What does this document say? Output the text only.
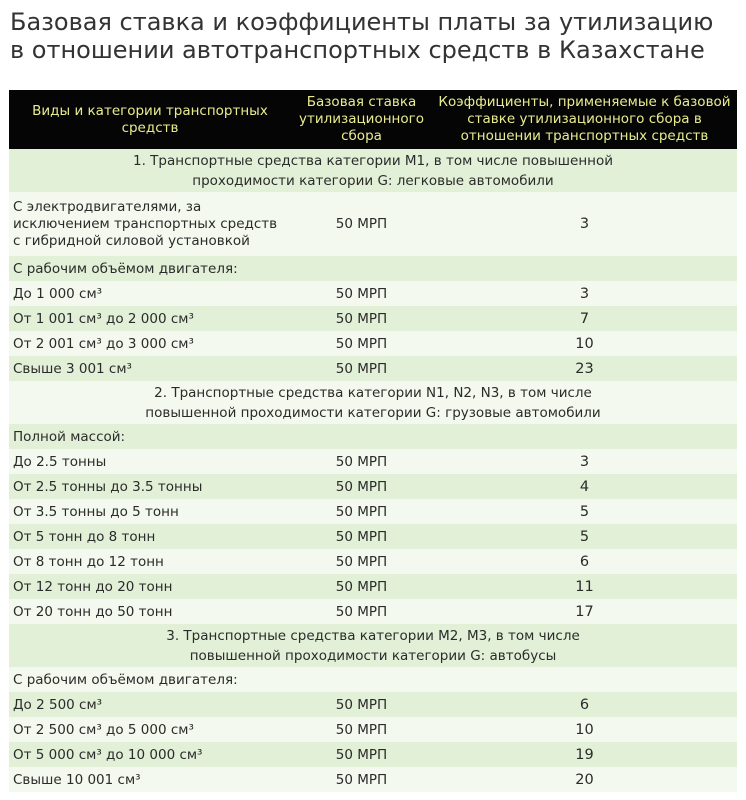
Базовая ставка и коэффициенты платы за утилизацию
в отношении автотранспортных средств в Казахстане
Виды и категории транспортных средств	Базовая ставка утилизационного сбора	Коэффициенты, применяемые к базовой ставке утилизационного сбора в отношении транспортных средств
1. Транспортные средства категории М1, в том числе повышенной
проходимости категории G: легковые автомобили		
С электродвигателями, за исключением транспортных средств с гибридной силовой установкой	50 МРП	3
С рабочим объёмом двигателя:		
До 1 000 см³	50 МРП	3
От 1 001 см³ до 2 000 см³	50 МРП	7
От 2 001 см³ до 3 000 см³	50 МРП	10
Свыше 3 001 см³	50 МРП	23
2. Транспортные средства категории N1, N2, N3, в том числе
повышенной проходимости категории G: грузовые автомобили		
Полной массой:		
До 2.5 тонны	50 МРП	3
От 2.5 тонны до 3.5 тонны	50 МРП	4
От 3.5 тонны до 5 тонн	50 МРП	5
От 5 тонн до 8 тонн	50 МРП	5
От 8 тонн до 12 тонн	50 МРП	6
От 12 тонн до 20 тонн	50 МРП	11
От 20 тонн до 50 тонн	50 МРП	17
3. Транспортные средства категории М2, М3, в том числе
повышенной проходимости категории G: автобусы		
С рабочим объёмом двигателя:		
До 2 500 см³	50 МРП	6
От 2 500 см³ до 5 000 см³	50 МРП	10
От 5 000 см³ до 10 000 см³	50 МРП	19
Свыше 10 001 см³	50 МРП	20
